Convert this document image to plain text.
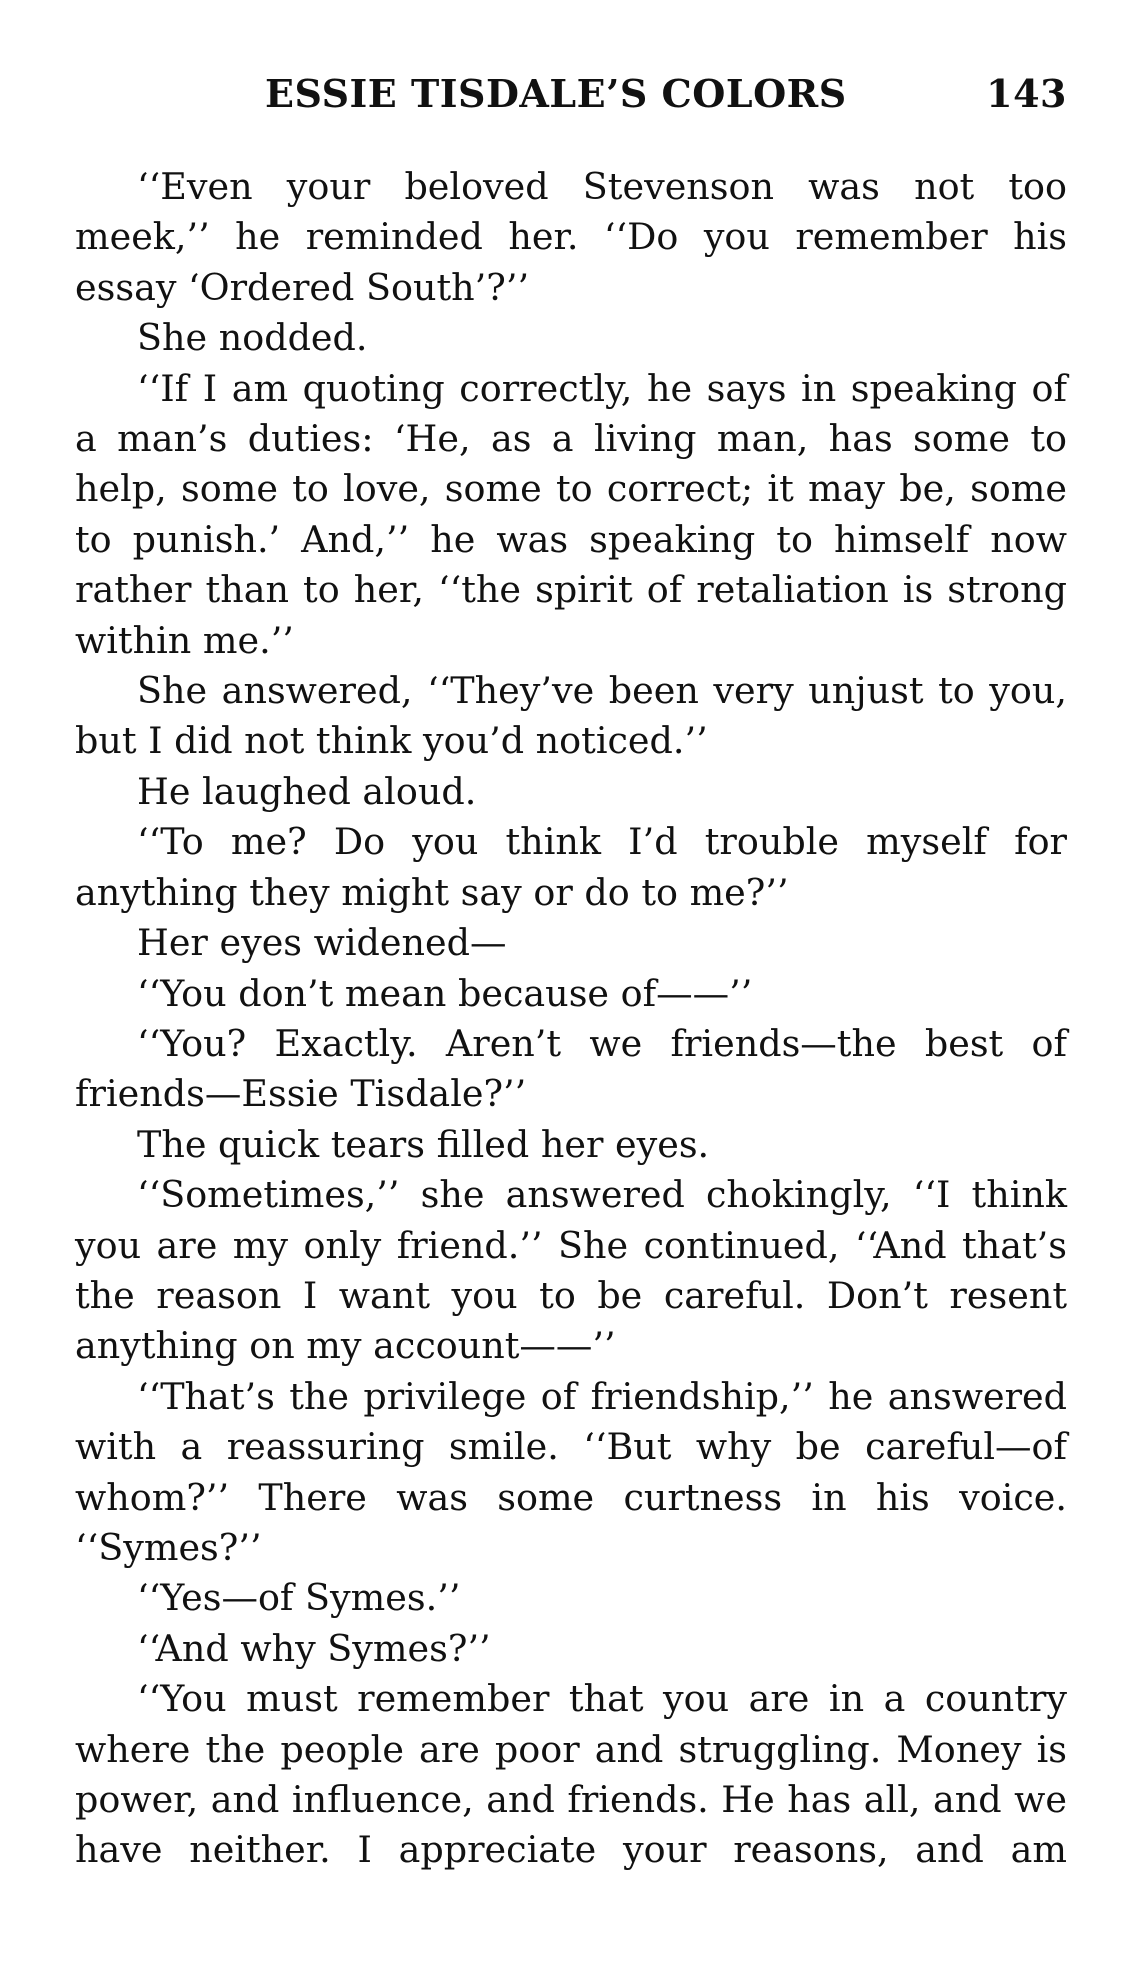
ESSIE TISDALE’S COLORS	143

‘‘Even your beloved Stevenson was not too meek,’’ he reminded her. ‘‘Do you remember his essay ‘Ordered South’?’’

She nodded.

‘‘If I am quoting correctly, he says in speaking of a man’s duties: ‘He, as a living man, has some to help, some to love, some to correct; it may be, some to punish.’ And,’’ he was speaking to himself now rather than to her, ‘‘the spirit of retaliation is strong within me.’’

She answered, ‘‘They’ve been very unjust to you, but I did not think you’d noticed.’’

He laughed aloud.

‘‘To me? Do you think I’d trouble myself for anything they might say or do to me?’’

Her eyes widened—

‘‘You don’t mean because of——’’

‘‘You? Exactly. Aren’t we friends—the best of friends—Essie Tisdale?’’

The quick tears filled her eyes.

‘‘Sometimes,’’ she answered chokingly, ‘‘I think you are my only friend.’’ She continued, ‘‘And that’s the reason I want you to be careful. Don’t resent anything on my account——’’

‘‘That’s the privilege of friendship,’’ he answered with a reassuring smile. ‘‘But why be careful—of whom?’’ There was some curtness in his voice. ‘‘Symes?’’

‘‘Yes—of Symes.’’

‘‘And why Symes?’’

‘‘You must remember that you are in a country where the people are poor and struggling. Money is power, and influence, and friends. He has all, and we have neither. I appreciate your reasons, and am
